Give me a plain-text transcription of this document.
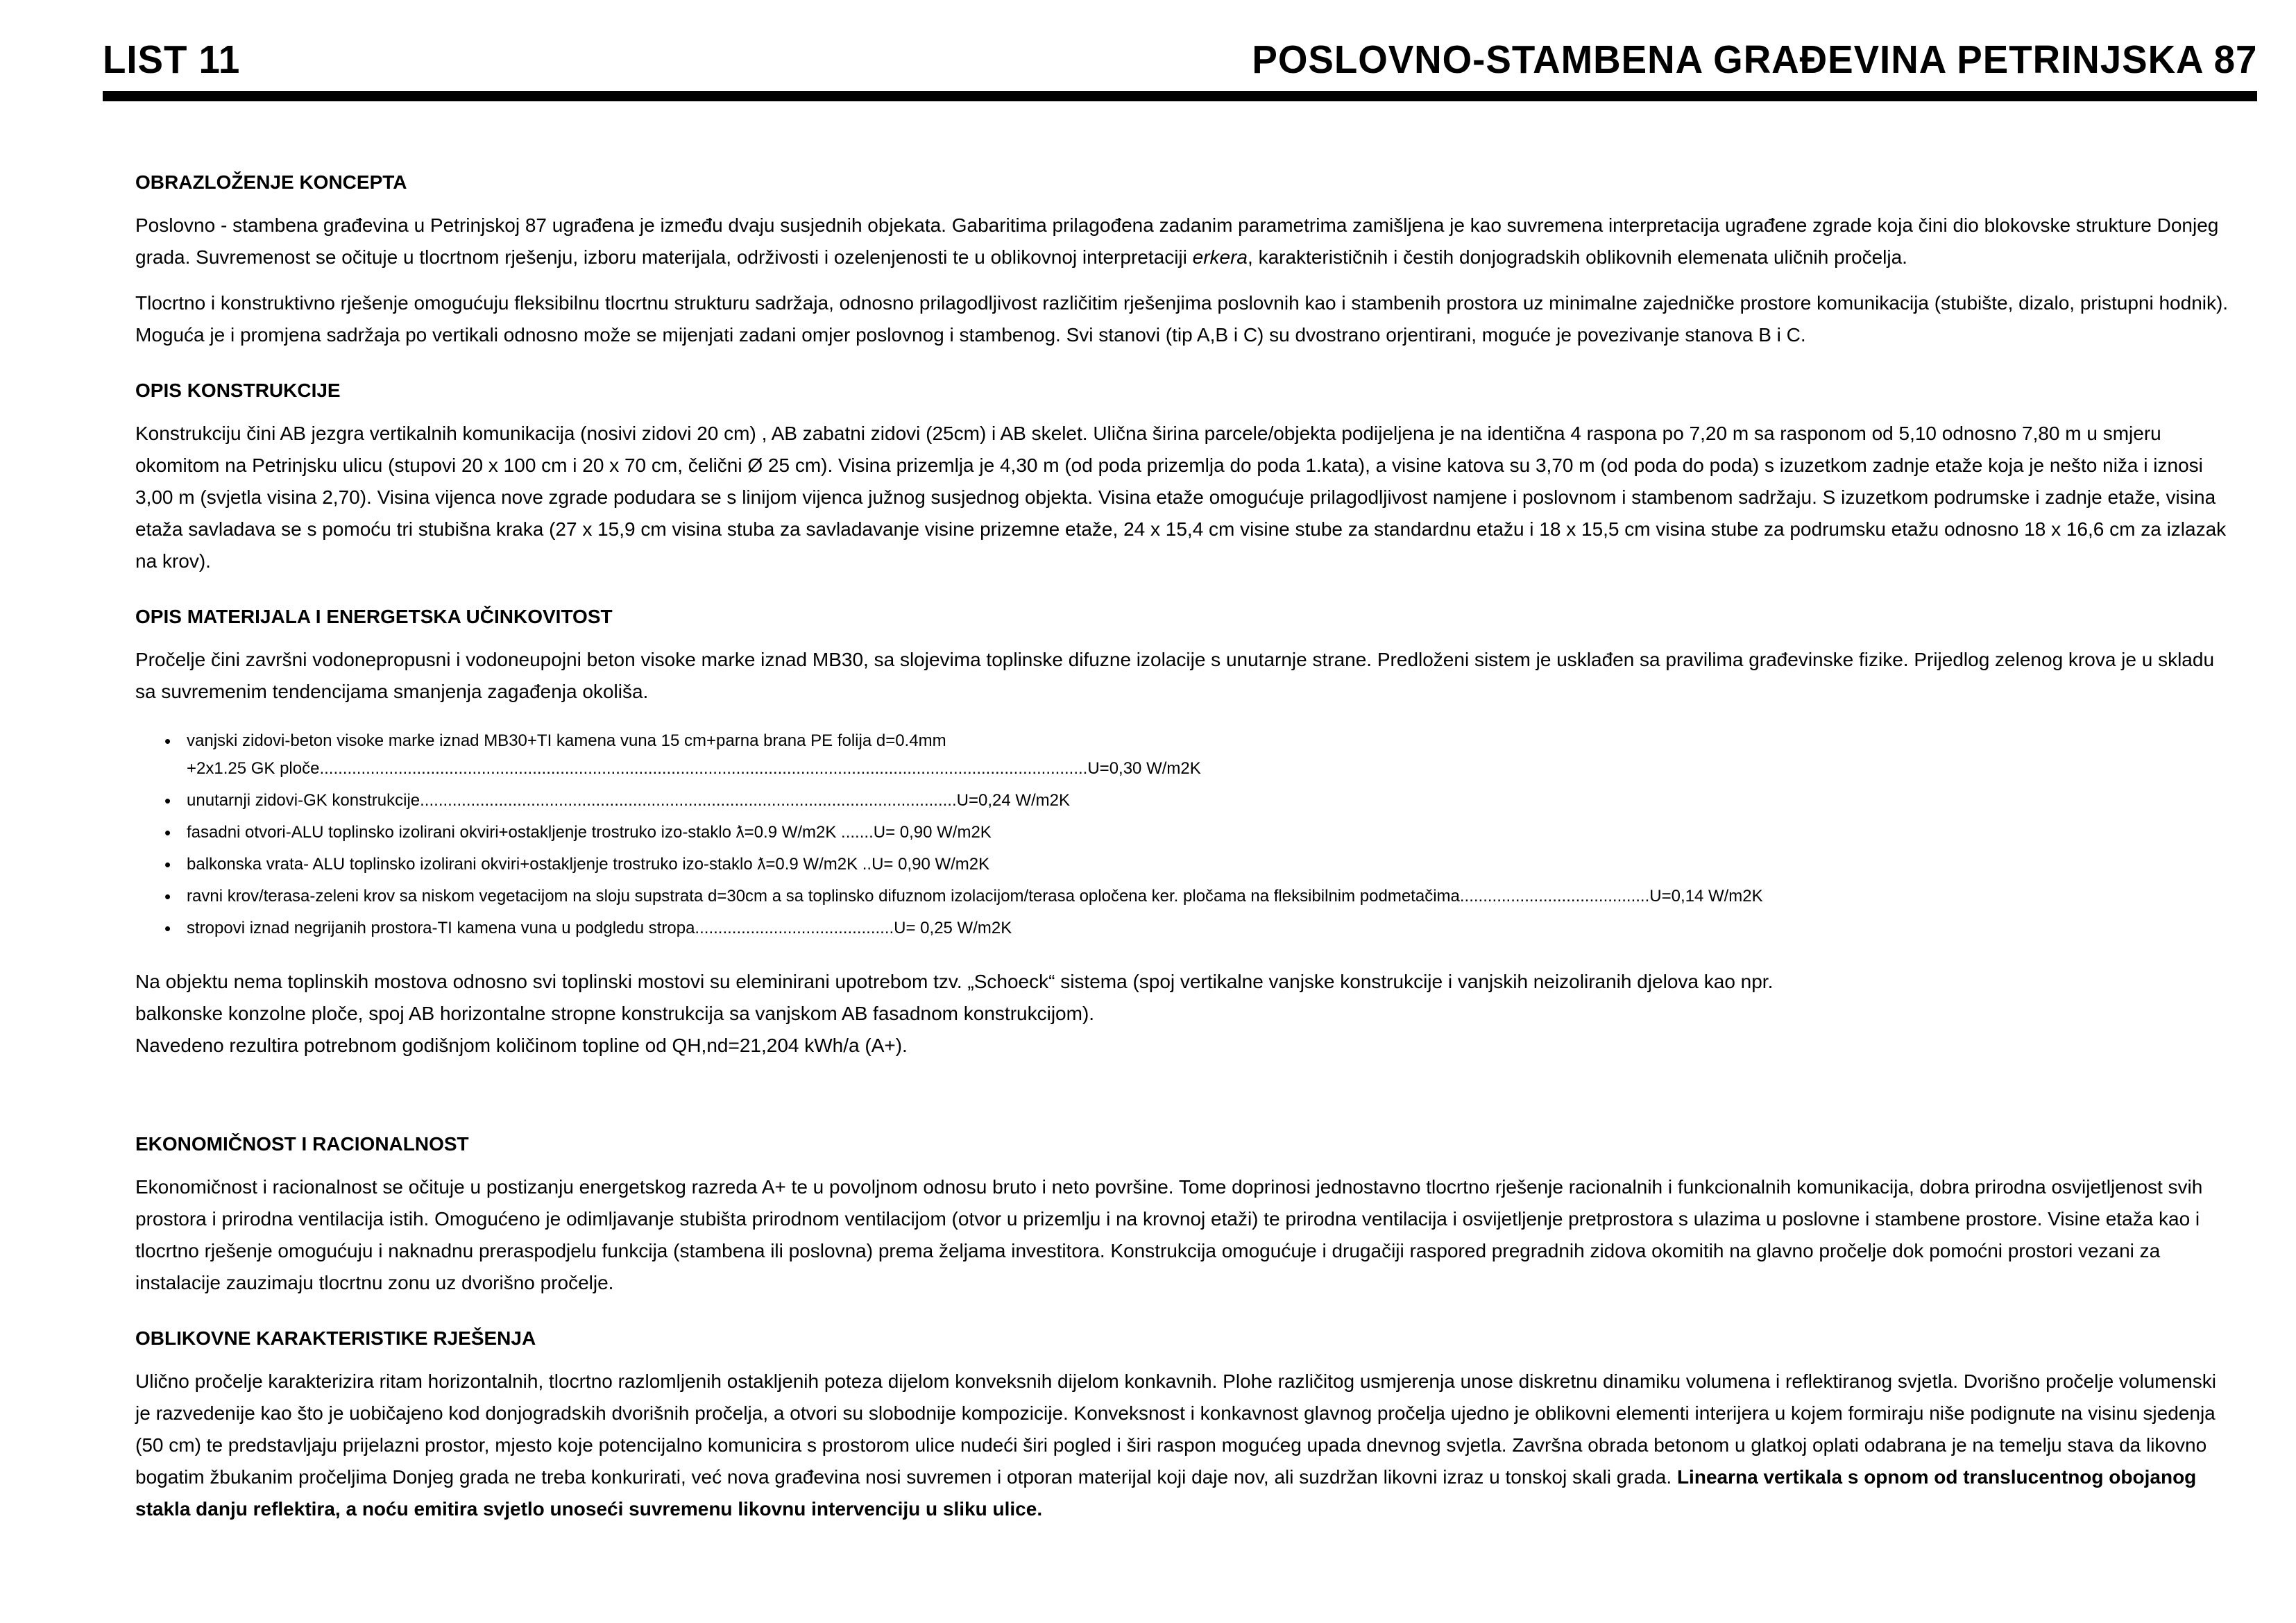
LIST 11	POSLOVNO-STAMBENA GRAĐEVINA PETRINJSKA 87
OBRAZLOŽENJE KONCEPTA

Poslovno - stambena građevina u Petrinjskoj 87 ugrađena je između dvaju susjednih objekata. Gabaritima prilagođena zadanim parametrima zamišljena je kao suvremena interpretacija ugrađene zgrade koja čini dio blokovske strukture Donjeg grada. Suvremenost se očituje u tlocrtnom rješenju, izboru materijala, održivosti i ozelenjenosti te u oblikovnoj interpretaciji erkera, karakterističnih i čestih donjogradskih oblikovnih elemenata uličnih pročelja.

Tlocrtno i konstruktivno rješenje omogućuju fleksibilnu tlocrtnu strukturu sadržaja, odnosno prilagodljivost različitim rješenjima poslovnih kao i stambenih prostora uz minimalne zajedničke prostore komunikacija (stubište, dizalo, pristupni hodnik). Moguća je i promjena sadržaja po vertikali odnosno može se mijenjati zadani omjer poslovnog i stambenog. Svi stanovi (tip A,B i C) su dvostrano orjentirani, moguće je povezivanje stanova B i C.

OPIS KONSTRUKCIJE

Konstrukciju čini AB jezgra vertikalnih komunikacija (nosivi zidovi 20 cm) , AB zabatni zidovi (25cm) i AB skelet. Ulična širina parcele/objekta podijeljena je na identična 4 raspona po 7,20 m sa rasponom od 5,10 odnosno 7,80 m u smjeru okomitom na Petrinjsku ulicu (stupovi 20 x 100 cm i 20 x 70 cm, čelični Ø 25 cm). Visina prizemlja je 4,30 m (od poda prizemlja do poda 1.kata), a visine katova su 3,70 m (od poda do poda) s izuzetkom zadnje etaže koja je nešto niža i iznosi 3,00 m (svjetla visina 2,70). Visina vijenca nove zgrade podudara se s linijom vijenca južnog susjednog objekta. Visina etaže omogućuje prilagodljivost namjene i poslovnom i stambenom sadržaju. S izuzetkom podrumske i zadnje etaže, visina etaža savladava se s pomoću tri stubišna kraka (27 x 15,9 cm visina stuba za savladavanje visine prizemne etaže, 24 x 15,4 cm visine stube za standardnu etažu i 18 x 15,5 cm visina stube za podrumsku etažu odnosno 18 x 16,6 cm za izlazak na krov).

OPIS MATERIJALA I ENERGETSKA UČINKOVITOST

Pročelje čini završni vodonepropusni i vodoneupojni beton visoke marke iznad MB30, sa slojevima toplinske difuzne izolacije s unutarnje strane. Predloženi sistem je usklađen sa pravilima građevinske fizike. Prijedlog zelenog krova je u skladu sa suvremenim tendencijama smanjenja zagađenja okoliša.

• vanjski zidovi-beton visoke marke iznad MB30+TI kamena vuna 15 cm+parna brana PE folija d=0.4mm
+2x1.25 GK ploče......................................................................................................................................................................U=0,30 W/m2K
• unutarnji zidovi-GK konstrukcije....................................................................................................................U=0,24 W/m2K
• fasadni otvori-ALU toplinsko izolirani okviri+ostakljenje trostruko izo-staklo ƛ=0.9 W/m2K .......U= 0,90 W/m2K
• balkonska vrata- ALU toplinsko izolirani okviri+ostakljenje trostruko izo-staklo ƛ=0.9 W/m2K ..U= 0,90 W/m2K
• ravni krov/terasa-zeleni krov sa niskom vegetacijom na sloju supstrata d=30cm a sa toplinsko difuznom izolacijom/terasa opločena ker. pločama na fleksibilnim podmetačima.........................................U=0,14 W/m2K
• stropovi iznad negrijanih prostora-TI kamena vuna u podgledu stropa...........................................U= 0,25 W/m2K

Na objektu nema toplinskih mostova odnosno svi toplinski mostovi su eleminirani upotrebom tzv. „Schoeck“ sistema (spoj vertikalne vanjske konstrukcije i vanjskih neizoliranih djelova kao npr.
balkonske konzolne ploče, spoj AB horizontalne stropne konstrukcija sa vanjskom AB fasadnom konstrukcijom).
Navedeno rezultira potrebnom godišnjom količinom topline od QH,nd=21,204 kWh/a (A+).

EKONOMIČNOST I RACIONALNOST

Ekonomičnost i racionalnost se očituje u postizanju energetskog razreda A+ te u povoljnom odnosu bruto i neto površine. Tome doprinosi jednostavno tlocrtno rješenje racionalnih i funkcionalnih komunikacija, dobra prirodna osvijetljenost svih prostora i prirodna ventilacija istih. Omogućeno je odimljavanje stubišta prirodnom ventilacijom (otvor u prizemlju i na krovnoj etaži) te prirodna ventilacija i osvijetljenje pretprostora s ulazima u poslovne i stambene prostore. Visine etaža kao i tlocrtno rješenje omogućuju i naknadnu preraspodjelu funkcija (stambena ili poslovna) prema željama investitora. Konstrukcija omogućuje i drugačiji raspored pregradnih zidova okomitih na glavno pročelje dok pomoćni prostori vezani za instalacije zauzimaju tlocrtnu zonu uz dvorišno pročelje.

OBLIKOVNE KARAKTERISTIKE RJEŠENJA

Ulično pročelje karakterizira ritam horizontalnih, tlocrtno razlomljenih ostakljenih poteza dijelom konveksnih dijelom konkavnih. Plohe različitog usmjerenja unose diskretnu dinamiku volumena i reflektiranog svjetla. Dvorišno pročelje volumenski je razvedenije kao što je uobičajeno kod donjogradskih dvorišnih pročelja, a otvori su slobodnije kompozicije. Konveksnost i konkavnost glavnog pročelja ujedno je oblikovni elementi interijera u kojem formiraju niše podignute na visinu sjedenja (50 cm) te predstavljaju prijelazni prostor, mjesto koje potencijalno komunicira s prostorom ulice nudeći širi pogled i širi raspon mogućeg upada dnevnog svjetla. Završna obrada betonom u glatkoj oplati odabrana je na temelju stava da likovno bogatim žbukanim pročeljima Donjeg grada ne treba konkurirati, već nova građevina nosi suvremen i otporan materijal koji daje nov, ali suzdržan likovni izraz u tonskoj skali grada. Linearna vertikala s opnom od translucentnog obojanog stakla danju reflektira, a noću emitira svjetlo unoseći suvremenu likovnu intervenciju u sliku ulice.
